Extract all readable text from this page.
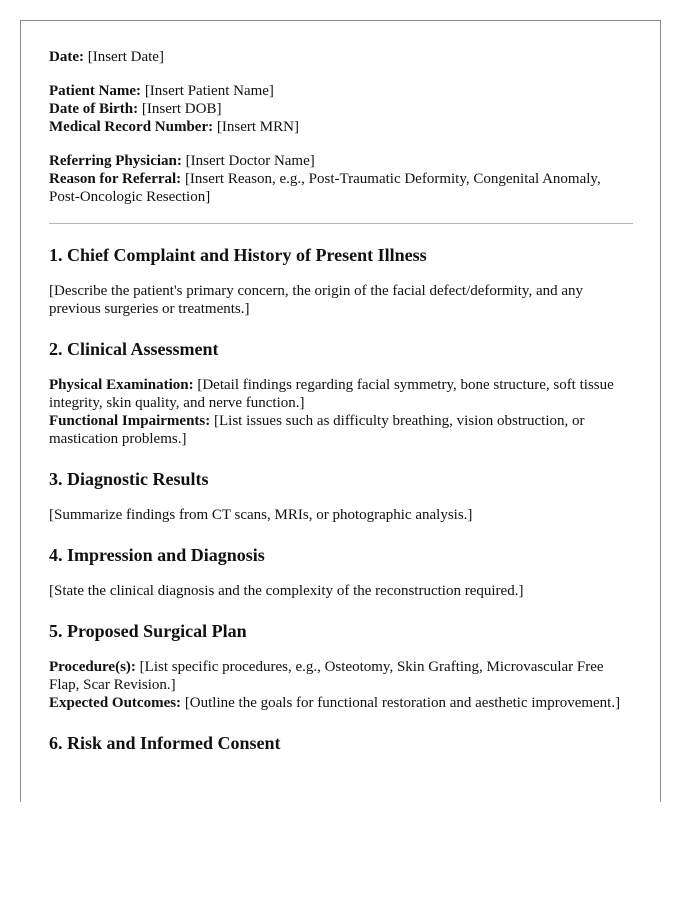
Date: [Insert Date]

Patient Name: [Insert Patient Name]

Date of Birth: [Insert DOB]

Medical Record Number: [Insert MRN]

Referring Physician: [Insert Doctor Name]

Reason for Referral: [Insert Reason, e.g., Post-Traumatic Deformity, Congenital Anomaly, Post-Oncologic Resection]

1. Chief Complaint and History of Present Illness

[Describe the patient's primary concern, the origin of the facial defect/deformity, and any previous surgeries or treatments.]

2. Clinical Assessment

Physical Examination: [Detail findings regarding facial symmetry, bone structure, soft tissue integrity, skin quality, and nerve function.]

Functional Impairments: [List issues such as difficulty breathing, vision obstruction, or mastication problems.]

3. Diagnostic Results

[Summarize findings from CT scans, MRIs, or photographic analysis.]

4. Impression and Diagnosis

[State the clinical diagnosis and the complexity of the reconstruction required.]

5. Proposed Surgical Plan

Procedure(s): [List specific procedures, e.g., Osteotomy, Skin Grafting, Microvascular Free Flap, Scar Revision.]

Expected Outcomes: [Outline the goals for functional restoration and aesthetic improvement.]

6. Risk and Informed Consent
